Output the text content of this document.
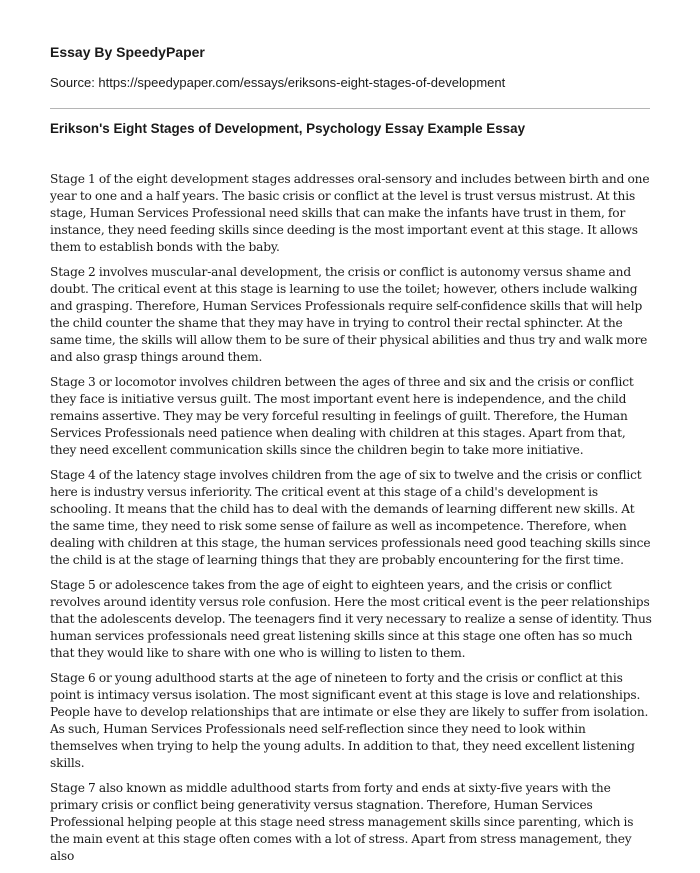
Essay By SpeedyPaper

Source: https://speedypaper.com/essays/eriksons-eight-stages-of-development

Erikson's Eight Stages of Development, Psychology Essay Example Essay

Stage 1 of the eight development stages addresses oral-sensory and includes between birth and one year to one and a half years. The basic crisis or conflict at the level is trust versus mistrust. At this stage, Human Services Professional need skills that can make the infants have trust in them, for instance, they need feeding skills since deeding is the most important event at this stage. It allows them to establish bonds with the baby.

Stage 2 involves muscular-anal development, the crisis or conflict is autonomy versus shame and doubt. The critical event at this stage is learning to use the toilet; however, others include walking and grasping. Therefore, Human Services Professionals require self-confidence skills that will help the child counter the shame that they may have in trying to control their rectal sphincter. At the same time, the skills will allow them to be sure of their physical abilities and thus try and walk more and also grasp things around them.

Stage 3 or locomotor involves children between the ages of three and six and the crisis or conflict they face is initiative versus guilt. The most important event here is independence, and the child remains assertive. They may be very forceful resulting in feelings of guilt. Therefore, the Human Services Professionals need patience when dealing with children at this stages. Apart from that, they need excellent communication skills since the children begin to take more initiative.

Stage 4 of the latency stage involves children from the age of six to twelve and the crisis or conflict here is industry versus inferiority. The critical event at this stage of a child's development is schooling. It means that the child has to deal with the demands of learning different new skills. At the same time, they need to risk some sense of failure as well as incompetence. Therefore, when dealing with children at this stage, the human services professionals need good teaching skills since the child is at the stage of learning things that they are probably encountering for the first time.

Stage 5 or adolescence takes from the age of eight to eighteen years, and the crisis or conflict revolves around identity versus role confusion. Here the most critical event is the peer relationships that the adolescents develop. The teenagers find it very necessary to realize a sense of identity. Thus human services professionals need great listening skills since at this stage one often has so much that they would like to share with one who is willing to listen to them.

Stage 6 or young adulthood starts at the age of nineteen to forty and the crisis or conflict at this point is intimacy versus isolation. The most significant event at this stage is love and relationships. People have to develop relationships that are intimate or else they are likely to suffer from isolation. As such, Human Services Professionals need self-reflection since they need to look within themselves when trying to help the young adults. In addition to that, they need excellent listening skills.

Stage 7 also known as middle adulthood starts from forty and ends at sixty-five years with the primary crisis or conflict being generativity versus stagnation. Therefore, Human Services Professional helping people at this stage need stress management skills since parenting, which is the main event at this stage often comes with a lot of stress. Apart from stress management, they also
